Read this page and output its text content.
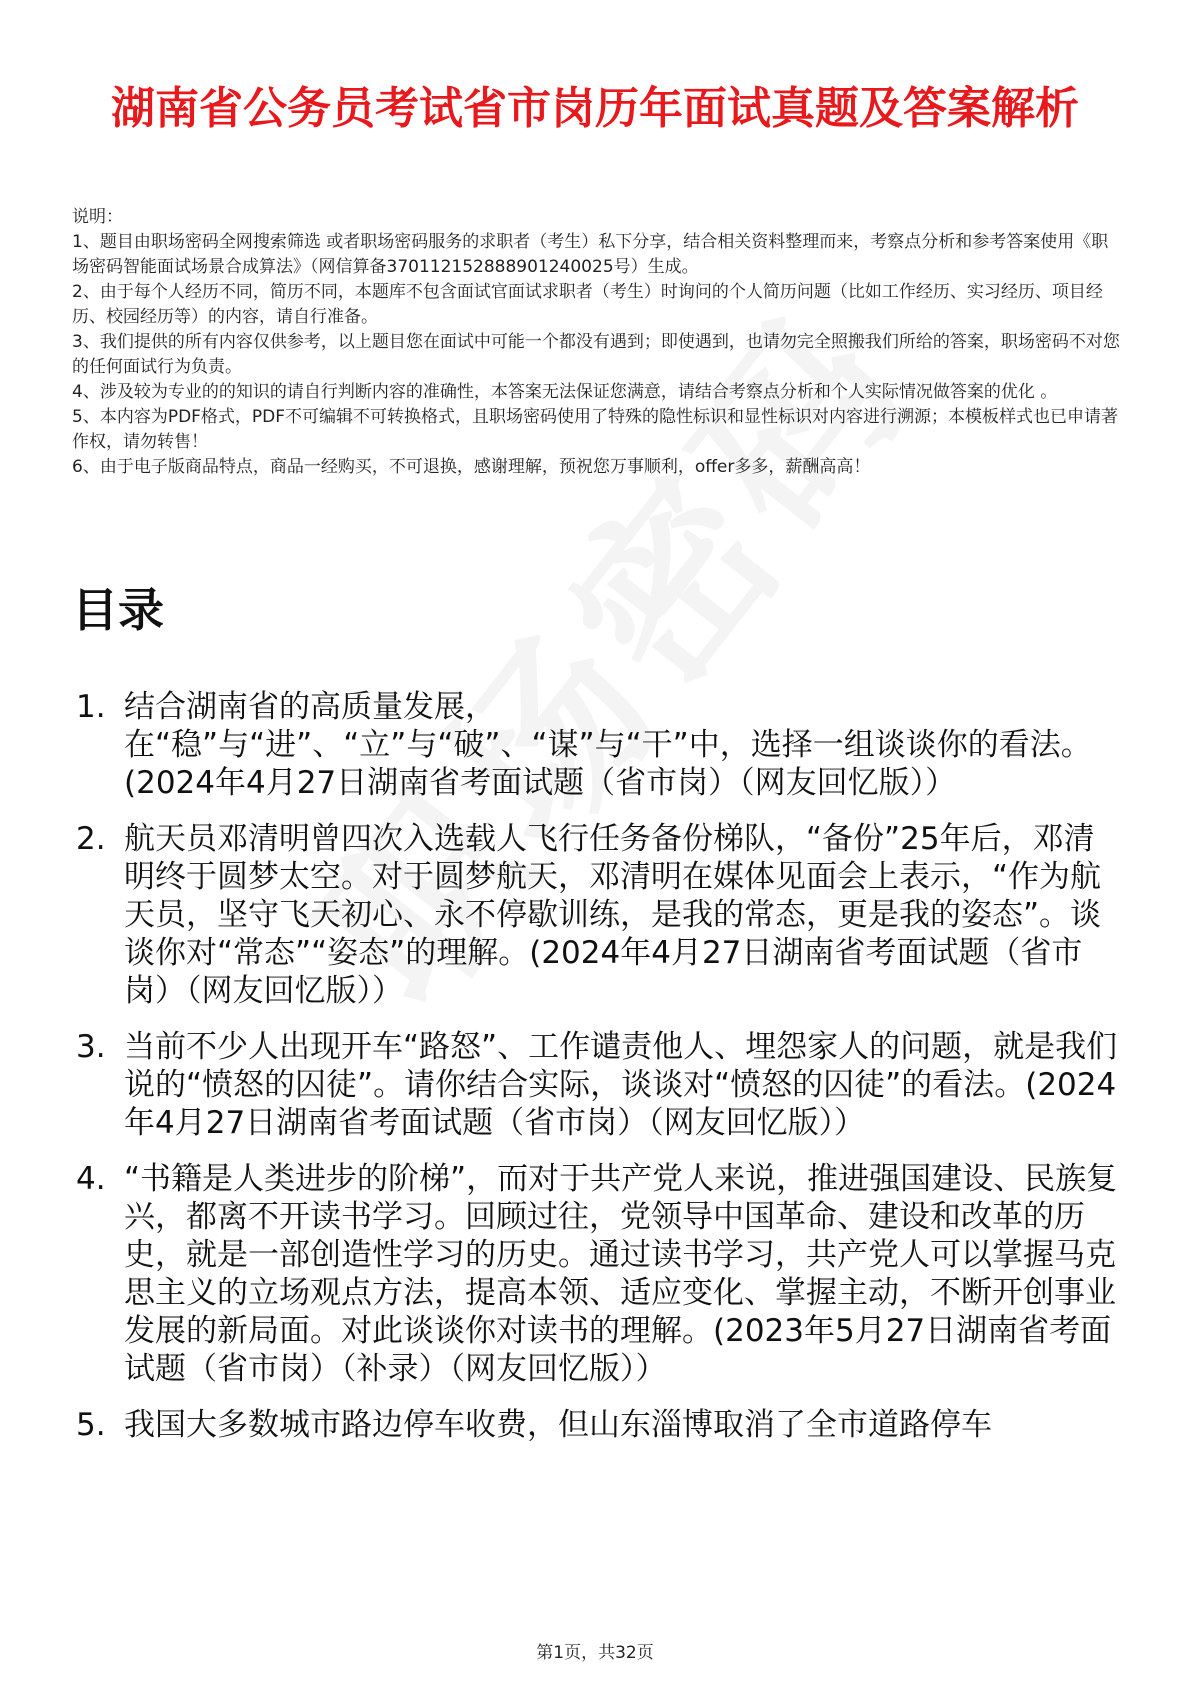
湖南省公务员考试省市岗历年面试真题及答案解析

说明：

1、题目由职场密码全网搜索筛选 或者职场密码服务的求职者（考生）私下分享，结合相关资料整理而来，考察点分析和参考答案使用《职场密码智能面试场景合成算法》（网信算备370112152888901240025号）生成。

2、由于每个人经历不同，简历不同，本题库不包含面试官面试求职者（考生）时询问的个人简历问题（比如工作经历、实习经历、项目经历、校园经历等）的内容，请自行准备。

3、我们提供的所有内容仅供参考，以上题目您在面试中可能一个都没有遇到；即使遇到，也请勿完全照搬我们所给的答案，职场密码不对您的任何面试行为负责。

4、涉及较为专业的的知识的请自行判断内容的准确性，本答案无法保证您满意，请结合考察点分析和个人实际情况做答案的优化 。

5、本内容为PDF格式，PDF不可编辑不可转换格式，且职场密码使用了特殊的隐性标识和显性标识对内容进行溯源；本模板样式也已申请著作权，请勿转售！

6、由于电子版商品特点，商品一经购买，不可退换，感谢理解，预祝您万事顺利，offer多多，薪酬高高！

目录
1. 结合湖南省的高质量发展，在“稳”与“进”、“立”与“破”、“谋”与“干”中，选择一组谈谈你的看法。(2024年4月27日湖南省考面试题（省市岗）（网友回忆版））
2. 航天员邓清明曾四次入选载人飞行任务备份梯队，“备份”25年后，邓清明终于圆梦太空。对于圆梦航天，邓清明在媒体见面会上表示，“作为航天员，坚守飞天初心、永不停歇训练，是我的常态，更是我的姿态”。谈谈你对“常态”“姿态”的理解。(2024年4月27日湖南省考面试题（省市岗）（网友回忆版））
3. 当前不少人出现开车“路怒”、工作谴责他人、埋怨家人的问题，就是我们说的“愤怒的囚徒”。请你结合实际，谈谈对“愤怒的囚徒”的看法。(2024年4月27日湖南省考面试题（省市岗）（网友回忆版））
4. “书籍是人类进步的阶梯”，而对于共产党人来说，推进强国建设、民族复兴，都离不开读书学习。回顾过往，党领导中国革命、建设和改革的历史，就是一部创造性学习的历史。通过读书学习，共产党人可以掌握马克思主义的立场观点方法，提高本领、适应变化、掌握主动，不断开创事业发展的新局面。对此谈谈你对读书的理解。(2023年5月27日湖南省考面试题（省市岗）（补录）（网友回忆版））
5. 我国大多数城市路边停车收费，但山东淄博取消了全市道路停车
第1页，共32页
